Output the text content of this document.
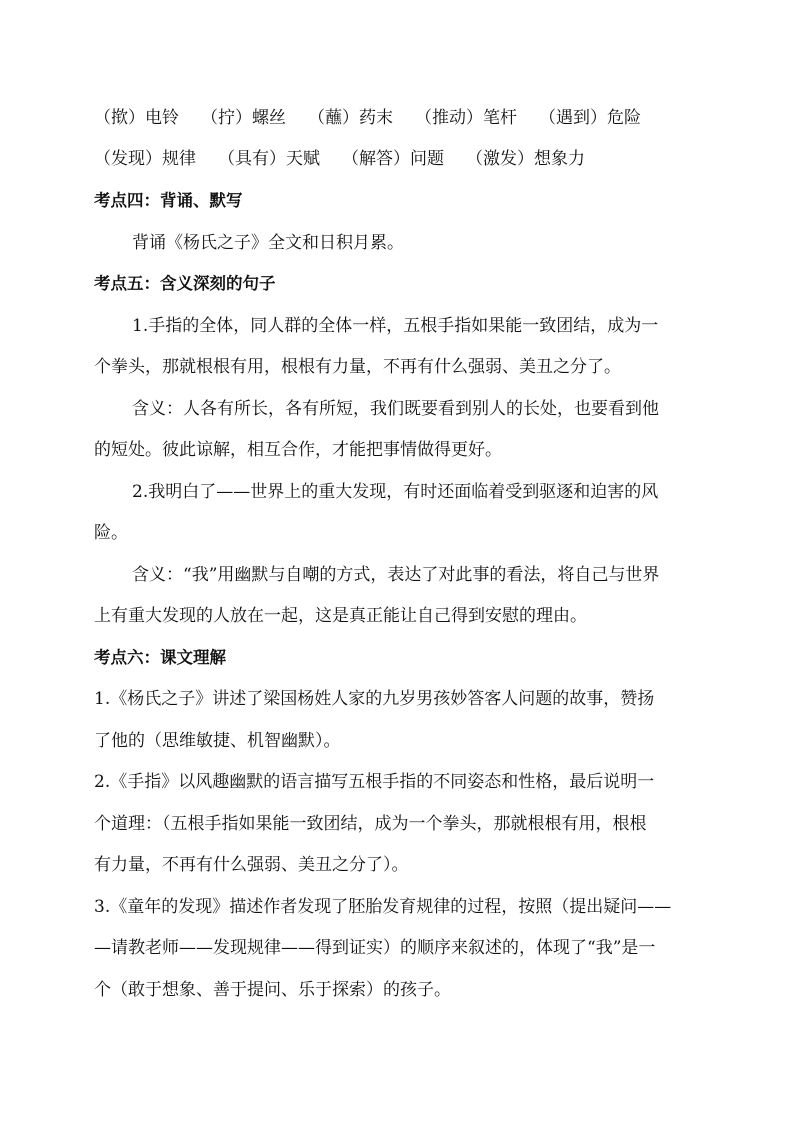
（揿）电铃 （拧）螺丝 （蘸）药末 （推动）笔杆 （遇到）危险
（发现）规律 （具有）天赋 （解答）问题 （激发）想象力
考点四：背诵、默写
背诵《杨氏之子》全文和日积月累。
考点五：含义深刻的句子
1.手指的全体，同人群的全体一样，五根手指如果能一致团结，成为一
个拳头，那就根根有用，根根有力量，不再有什么强弱、美丑之分了。
含义：人各有所长，各有所短，我们既要看到别人的长处，也要看到他
的短处。彼此谅解，相互合作，才能把事情做得更好。
2.我明白了——世界上的重大发现，有时还面临着受到驱逐和迫害的风
险。
含义：“我”用幽默与自嘲的方式，表达了对此事的看法，将自己与世界
上有重大发现的人放在一起，这是真正能让自己得到安慰的理由。
考点六：课文理解
1.《杨氏之子》讲述了梁国杨姓人家的九岁男孩妙答客人问题的故事，赞扬
了他的（思维敏捷、机智幽默）。
2.《手指》以风趣幽默的语言描写五根手指的不同姿态和性格，最后说明一
个道理：（五根手指如果能一致团结，成为一个拳头，那就根根有用，根根
有力量，不再有什么强弱、美丑之分了）。
3.《童年的发现》描述作者发现了胚胎发育规律的过程，按照（提出疑问——
—请教老师——发现规律——得到证实）的顺序来叙述的，体现了“我”是一
个（敢于想象、善于提问、乐于探索）的孩子。
